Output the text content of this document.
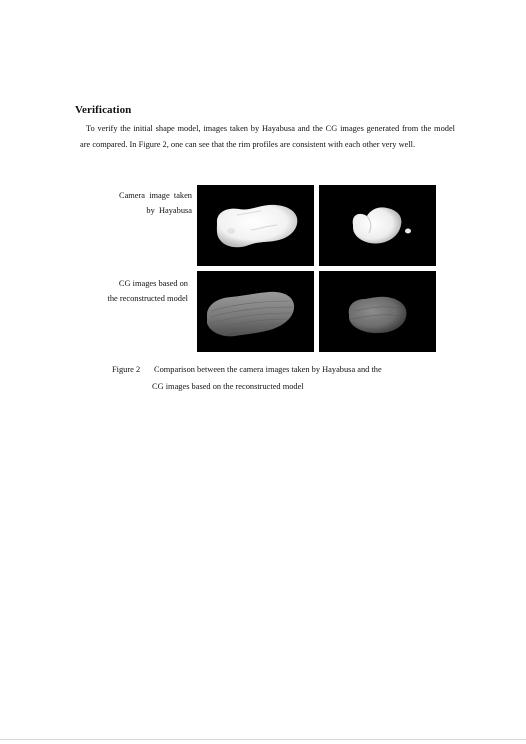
Verification

To verify the initial shape model, images taken by Hayabusa and the CG images generated from the model are compared. In Figure 2, one can see that the rim profiles are consistent with each other very well.

Camera  image  taken
by  Hayabusa
CG images based on
the reconstructed model
Figure 2 Comparison between the camera images taken by Hayabusa and the
CG images based on the reconstructed model
